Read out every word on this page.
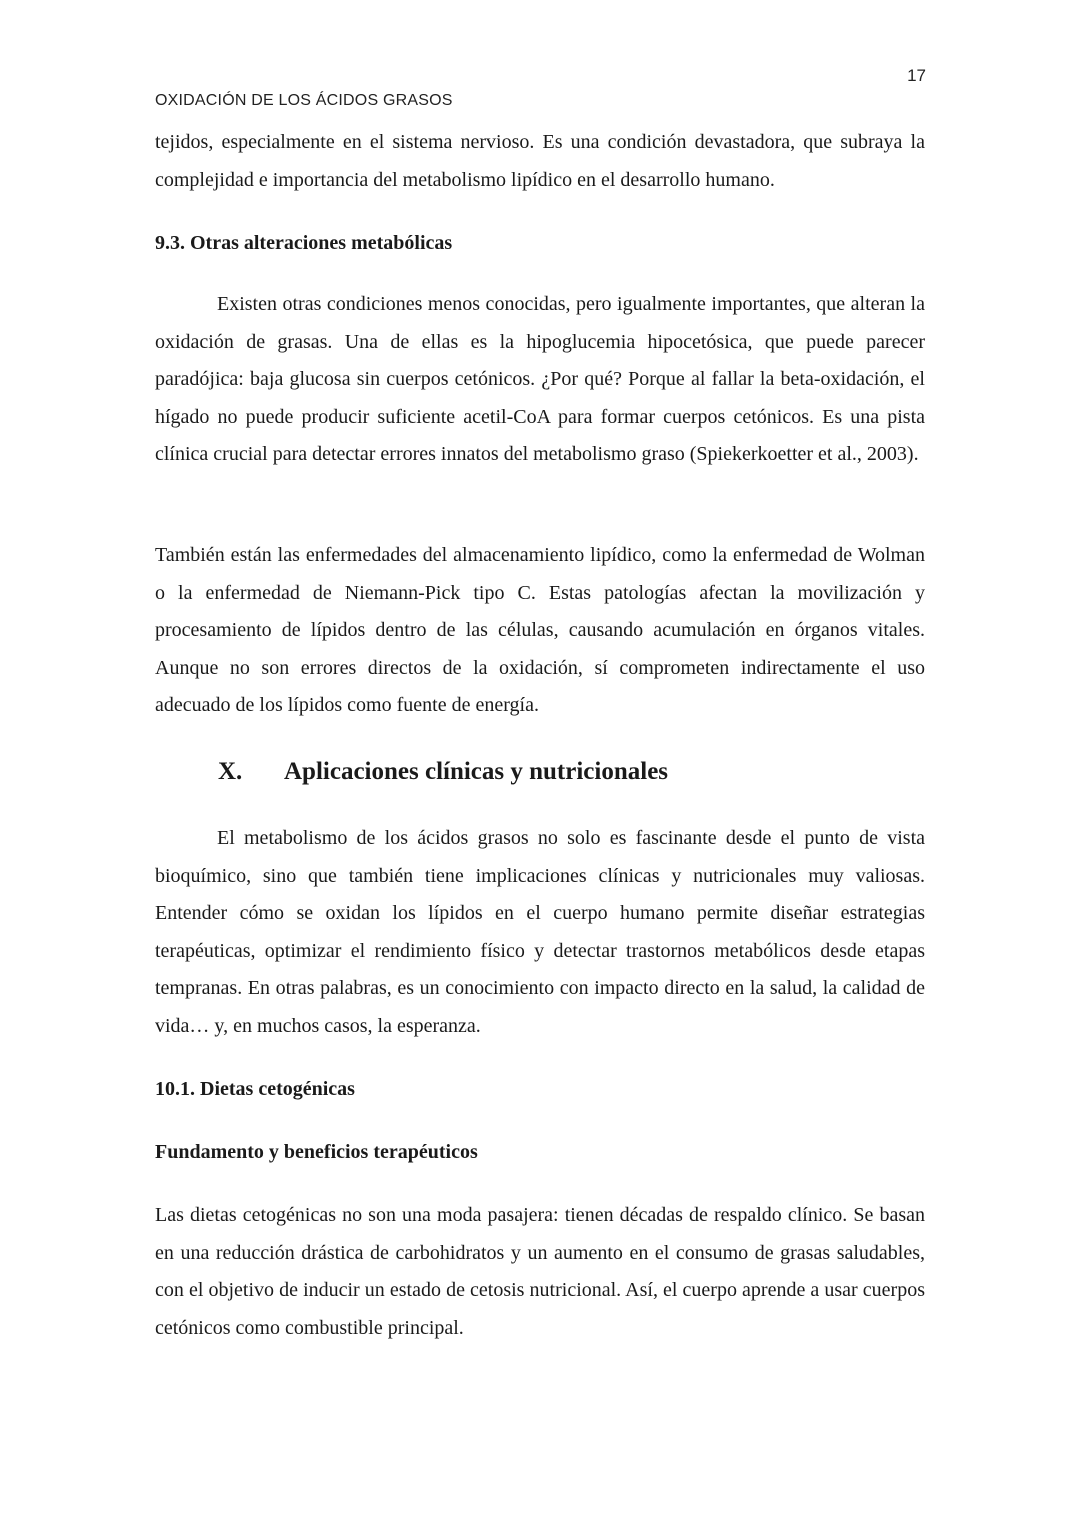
17
OXIDACIÓN DE LOS ÁCIDOS GRASOS

tejidos, especialmente en el sistema nervioso. Es una condición devastadora, que subraya la complejidad e importancia del metabolismo lipídico en el desarrollo humano.

9.3. Otras alteraciones metabólicas

Existen otras condiciones menos conocidas, pero igualmente importantes, que alteran la oxidación de grasas. Una de ellas es la hipoglucemia hipocetósica, que puede parecer paradójica: baja glucosa sin cuerpos cetónicos. ¿Por qué? Porque al fallar la beta-oxidación, el hígado no puede producir suficiente acetil-CoA para formar cuerpos cetónicos. Es una pista clínica crucial para detectar errores innatos del metabolismo graso (Spiekerkoetter et al., 2003).

También están las enfermedades del almacenamiento lipídico, como la enfermedad de Wolman o la enfermedad de Niemann-Pick tipo C. Estas patologías afectan la movilización y procesamiento de lípidos dentro de las células, causando acumulación en órganos vitales. Aunque no son errores directos de la oxidación, sí comprometen indirectamente el uso adecuado de los lípidos como fuente de energía.

X.	Aplicaciones clínicas y nutricionales

El metabolismo de los ácidos grasos no solo es fascinante desde el punto de vista bioquímico, sino que también tiene implicaciones clínicas y nutricionales muy valiosas. Entender cómo se oxidan los lípidos en el cuerpo humano permite diseñar estrategias terapéuticas, optimizar el rendimiento físico y detectar trastornos metabólicos desde etapas tempranas. En otras palabras, es un conocimiento con impacto directo en la salud, la calidad de vida… y, en muchos casos, la esperanza.

10.1. Dietas cetogénicas
Fundamento y beneficios terapéuticos

Las dietas cetogénicas no son una moda pasajera: tienen décadas de respaldo clínico. Se basan en una reducción drástica de carbohidratos y un aumento en el consumo de grasas saludables, con el objetivo de inducir un estado de cetosis nutricional. Así, el cuerpo aprende a usar cuerpos cetónicos como combustible principal.
